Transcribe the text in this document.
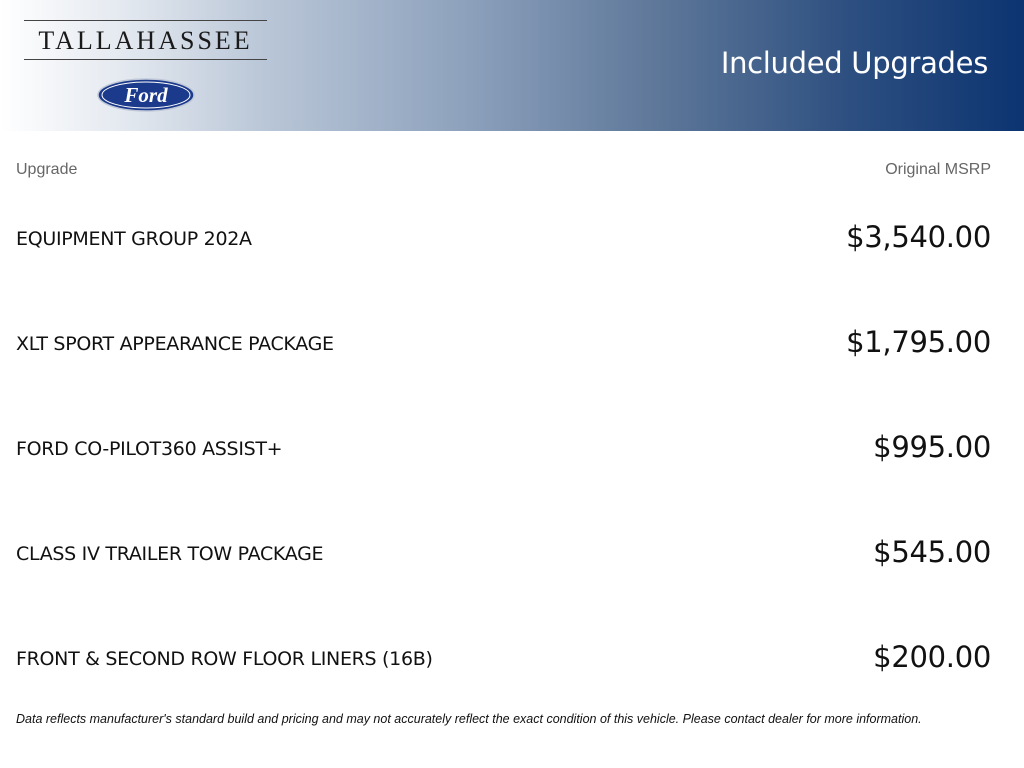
TALLAHASSEE
Ford
Included Upgrades
Upgrade	Original MSRP
EQUIPMENT GROUP 202A	$3,540.00
XLT SPORT APPEARANCE PACKAGE	$1,795.00
FORD CO-PILOT360 ASSIST+	$995.00
CLASS IV TRAILER TOW PACKAGE	$545.00
FRONT & SECOND ROW FLOOR LINERS (16B)	$200.00
Data reflects manufacturer's standard build and pricing and may not accurately reflect the exact condition of this vehicle. Please contact dealer for more information.
